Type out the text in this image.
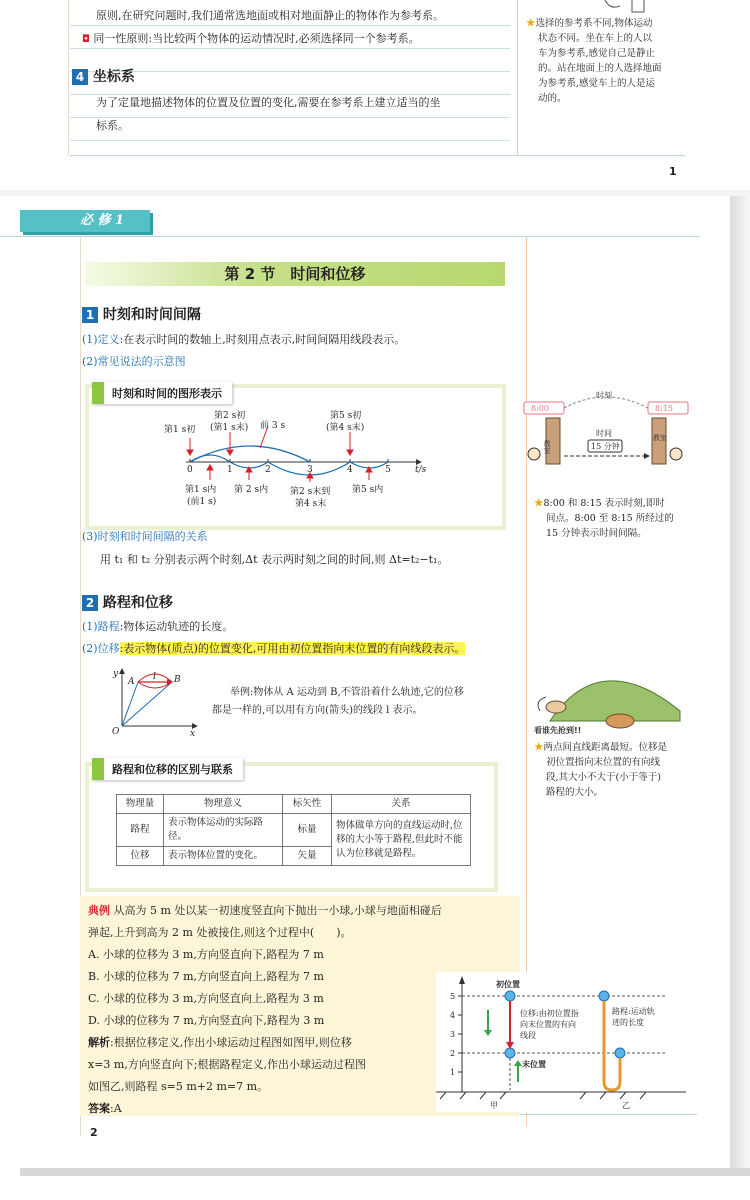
原则,在研究问题时,我们通常选地面或相对地面静止的物体作为参考系。
◘ 同一性原则:当比较两个物体的运动情况时,必须选择同一个参考系。
4 坐标系
为了定量地描述物体的位置及位置的变化,需要在参考系上建立适当的坐
标系。
★选择的参考系不同,物体运动
状态不同。坐在车上的人以
车为参考系,感觉自己是静止
的。站在地面上的人选择地面
为参考系,感觉车上的人是运
动的。
1
必 修 1
第 2 节　时间和位移
1 时刻和时间间隔
(1)定义:在表示时间的数轴上,时刻用点表示,时间间隔用线段表示。
(2)常见说法的示意图
时刻和时间的图形表示
0	1	2	3	4	5	t/s
第1 s初
第2 s初
(第1 s末) 前 3 s
第5 s初
(第4 s末)
第1 s内
(前1 s)
第 2 s内 第2 s末到
第4 s末
第5 s内
时刻
8:00	8:15
教室
教室
时间
15 分钟
★8:00 和 8:15 表示时刻,即时
间点。8:00 至 8:15 所经过的
15 分钟表示时间间隔。
(3)时刻和时间间隔的关系
用 t₁ 和 t₂ 分别表示两个时刻,Δt 表示两时刻之间的时间,则 Δt=t₂−t₁。
2 路程和位移
(1)路程:物体运动轨迹的长度。
(2)位移:表示物体(质点)的位置变化,可用由初位置指向末位置的有向线段表示。
y
x
O
A	B
l
举例:物体从 A 运动到 B,不管沿着什么轨迹,它的位移
都是一样的,可以用有方向(箭头)的线段 l 表示。
看谁先抢到!!
★两点间直线距离最短。位移是
初位置指向末位置的有向线
段,其大小不大于(小于等于)
路程的大小。
路程和位移的区别与联系
物理量	物理意义	标矢性	关系
路程	表示物体运动的实际路径。	标量	物体做单方向的直线运动时,位移的大小等于路程,但此时不能认为位移就是路程。
位移	表示物体位置的变化。	矢量	
典例 从高为 5 m 处以某一初速度竖直向下抛出一小球,小球与地面相碰后
弹起,上升到高为 2 m 处被接住,则这个过程中(　　)。
A. 小球的位移为 3 m,方向竖直向下,路程为 7 m
B. 小球的位移为 7 m,方向竖直向上,路程为 7 m
C. 小球的位移为 3 m,方向竖直向上,路程为 3 m
D. 小球的位移为 7 m,方向竖直向下,路程为 3 m
解析:根据位移定义,作出小球运动过程图如图甲,则位移
x=3 m,方向竖直向下;根据路程定义,作出小球运动过程图
如图乙,则路程 s=5 m+2 m=7 m。
答案:A
5
4
3
2
1
初位置
末位置
位移:由初位置指
向末位置的有向
线段
路程:运动轨
迹的长度
甲	乙
2
